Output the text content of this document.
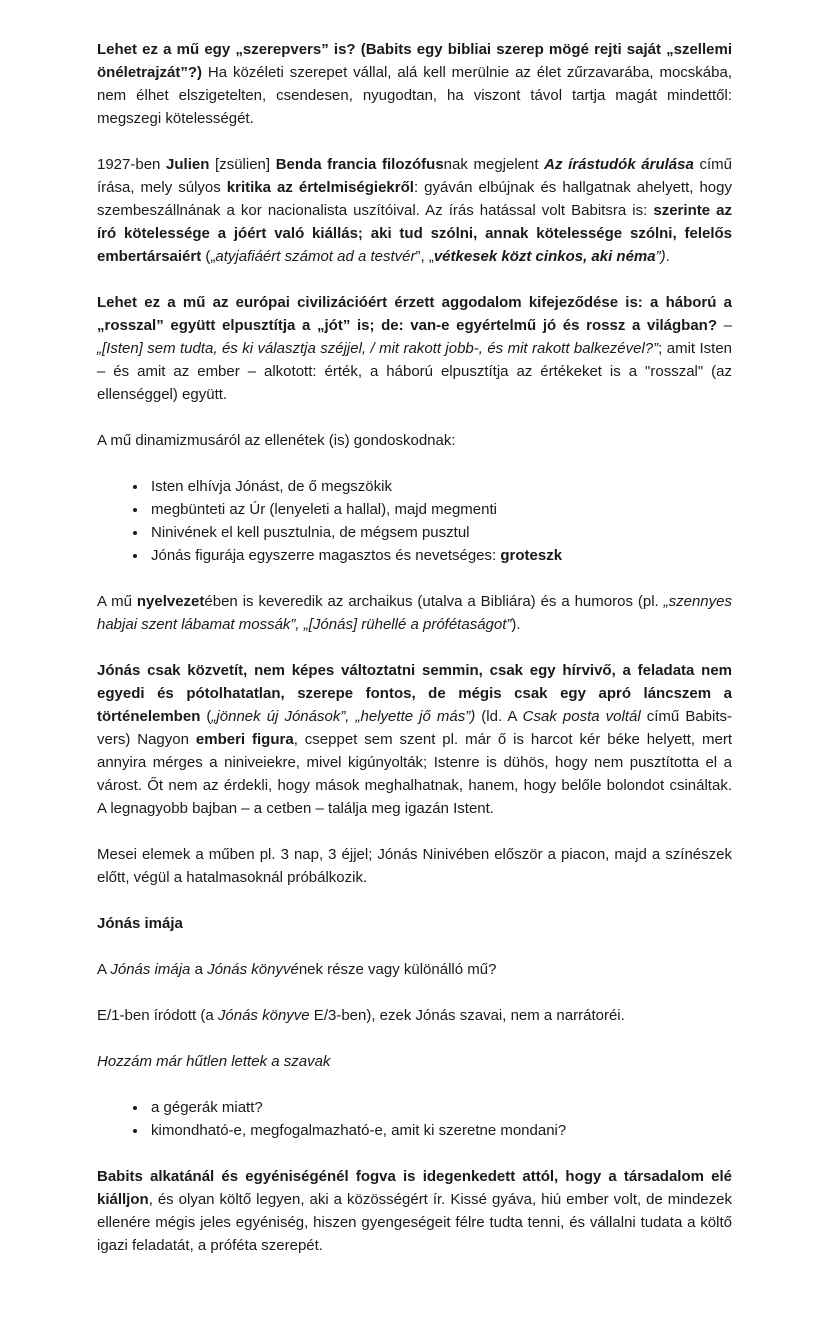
Lehet ez a mű egy „szerepvers” is? (Babits egy bibliai szerep mögé rejti saját „szellemi önéletrajzát”?) Ha közéleti szerepet vállal, alá kell merülnie az élet zűrzavarába, mocskába, nem élhet elszigetelten, csendesen, nyugodtan, ha viszont távol tartja magát mindettől: megszegi kötelességét.

1927-ben Julien [zsülien] Benda francia filozófusnak megjelent Az írástudók árulása című írása, mely súlyos kritika az értelmiségiekről: gyáván elbújnak és hallgatnak ahelyett, hogy szembeszállnának a kor nacionalista uszítóival. Az írás hatással volt Babitsra is: szerinte az író kötelessége a jóért való kiállás; aki tud szólni, annak kötelessége szólni, felelős embertársaiért („atyjafiáért számot ad a testvér”, „vétkesek közt cinkos, aki néma”).

Lehet ez a mű az európai civilizációért érzett aggodalom kifejeződése is: a háború a „rosszal” együtt elpusztítja a „jót” is; de: van-e egyértelmű jó és rossz a világban? – „[Isten] sem tudta, és ki választja széjjel, / mit rakott jobb-, és mit rakott balkezével?”; amit Isten – és amit az ember – alkotott: érték, a háború elpusztítja az értékeket is a "rosszal" (az ellenséggel) együtt.

A mű dinamizmusáról az ellenétek (is) gondoskodnak:

• Isten elhívja Jónást, de ő megszökik
• megbünteti az Úr (lenyeleti a hallal), majd megmenti
• Ninivének el kell pusztulnia, de mégsem pusztul
• Jónás figurája egyszerre magasztos és nevetséges: groteszk

A mű nyelvezetében is keveredik az archaikus (utalva a Bibliára) és a humoros (pl. „szennyes habjai szent lábamat mossák”, „[Jónás] rühellé a prófétaságot”).

Jónás csak közvetít, nem képes változtatni semmin, csak egy hírvivő, a feladata nem egyedi és pótolhatatlan, szerepe fontos, de mégis csak egy apró láncszem a történelemben („jönnek új Jónások”, „helyette jő más”) (ld. A Csak posta voltál című Babits-vers) Nagyon emberi figura, cseppet sem szent pl. már ő is harcot kér béke helyett, mert annyira mérges a niniveiekre, mivel kigúnyolták; Istenre is dühös, hogy nem pusztította el a várost. Őt nem az érdekli, hogy mások meghalhatnak, hanem, hogy belőle bolondot csináltak. A legnagyobb bajban – a cetben – találja meg igazán Istent.

Mesei elemek a műben pl. 3 nap, 3 éjjel; Jónás Ninivében először a piacon, majd a színészek előtt, végül a hatalmasoknál próbálkozik.

Jónás imája

A Jónás imája a Jónás könyvének része vagy különálló mű?

E/1-ben íródott (a Jónás könyve E/3-ben), ezek Jónás szavai, nem a narrátoréi.

Hozzám már hűtlen lettek a szavak

• a gégerák miatt?
• kimondható-e, megfogalmazható-e, amit ki szeretne mondani?

Babits alkatánál és egyéniségénél fogva is idegenkedett attól, hogy a társadalom elé kiálljon, és olyan költő legyen, aki a közösségért ír. Kissé gyáva, hiú ember volt, de mindezek ellenére mégis jeles egyéniség, hiszen gyengeségeit félre tudta tenni, és vállalni tudata a költő igazi feladatát, a próféta szerepét.
